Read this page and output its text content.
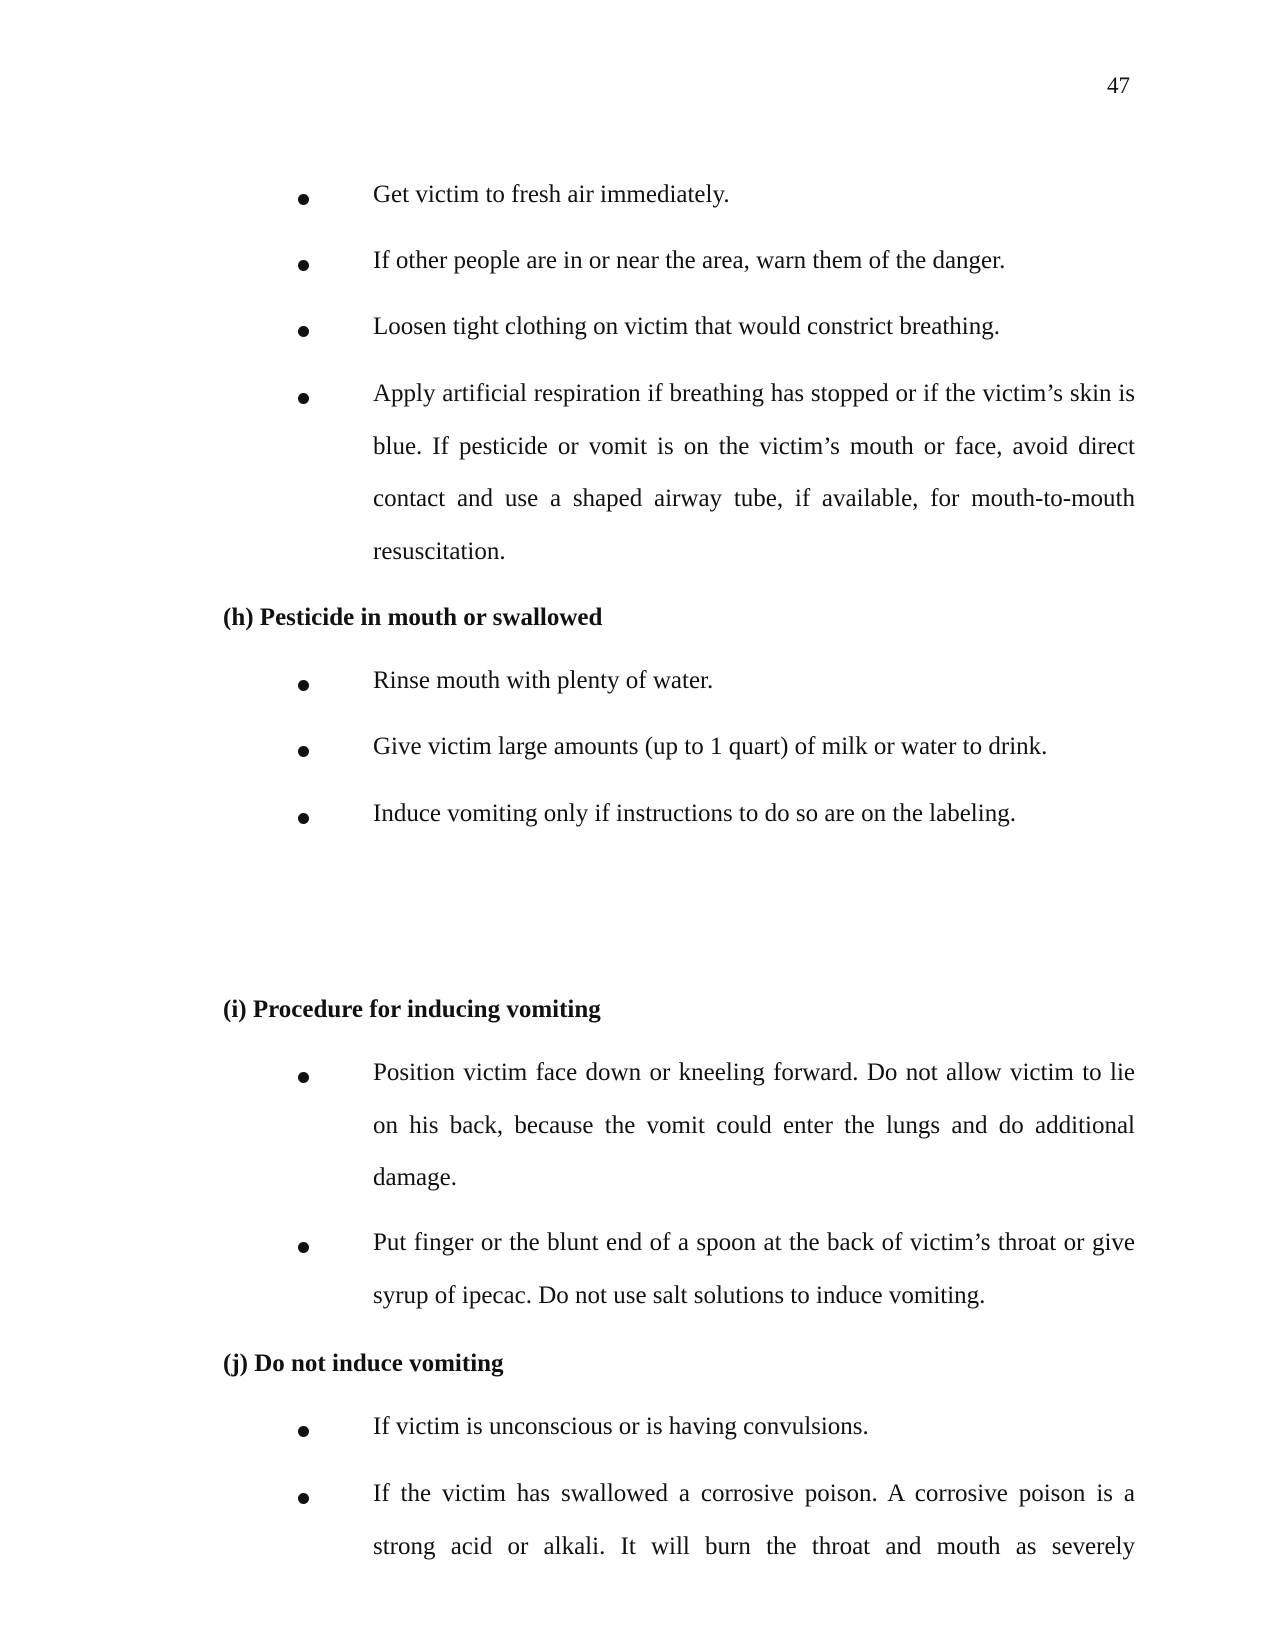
47
Get victim to fresh air immediately.
If other people are in or near the area, warn them of the danger.
Loosen tight clothing on victim that would constrict breathing.
Apply artificial respiration if breathing has stopped or if the victim’s skin is blue. If pesticide or vomit is on the victim’s mouth or face, avoid direct contact and use a shaped airway tube, if available, for mouth-to-mouth resuscitation.
(h) Pesticide in mouth or swallowed
Rinse mouth with plenty of water.
Give victim large amounts (up to 1 quart) of milk or water to drink.
Induce vomiting only if instructions to do so are on the labeling.
(i) Procedure for inducing vomiting
Position victim face down or kneeling forward. Do not allow victim to lie on his back, because the vomit could enter the lungs and do additional damage.
Put finger or the blunt end of a spoon at the back of victim’s throat or give syrup of ipecac. Do not use salt solutions to induce vomiting.
(j) Do not induce vomiting
If victim is unconscious or is having convulsions.
If the victim has swallowed a corrosive poison. A corrosive poison is a strong acid or alkali. It will burn the throat and mouth as severely
